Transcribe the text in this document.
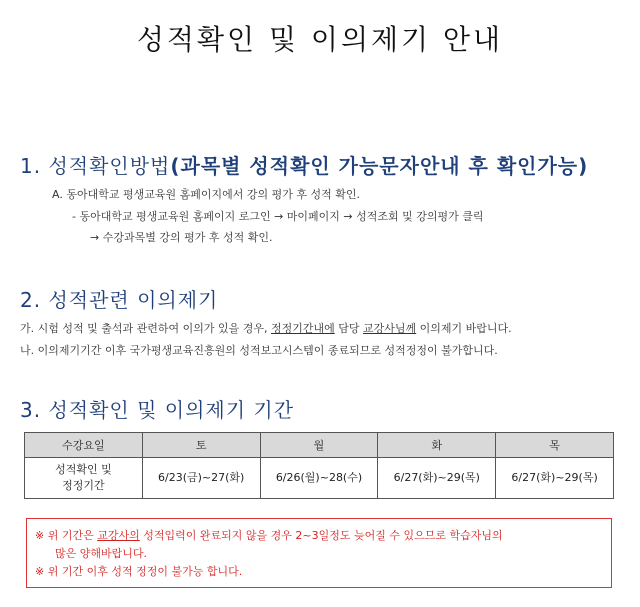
성적확인 및 이의제기 안내
1. 성적확인방법(과목별 성적확인 가능문자안내 후 확인가능)

A. 동아대학교 평생교육원 홈페이지에서 강의 평가 후 성적 확인.

- 동아대학교 평생교육원 홈페이지 로그인 → 마이페이지 → 성적조회 및 강의평가 클릭

→ 수강과목별 강의 평가 후 성적 확인.

2. 성적관련 이의제기

가. 시험 성적 및 출석과 관련하여 이의가 있을 경우, 정정기간내에 담당 교강사님께 이의제기 바랍니다.

나. 이의제기기간 이후 국가평생교육진흥원의 성적보고시스템이 종료되므로 성적정정이 불가합니다.

3. 성적확인 및 이의제기 기간
수강요일	토	월	화	목
성적확인 및
정정기간	6/23(금)~27(화)	6/26(월)~28(수)	6/27(화)~29(목)	6/27(화)~29(목)

※ 위 기간은 교강사의 성적입력이 완료되지 않을 경우 2~3일정도 늦어질 수 있으므로 학습자님의

많은 양해바랍니다.

※ 위 기간 이후 성적 정정이 불가능 합니다.
